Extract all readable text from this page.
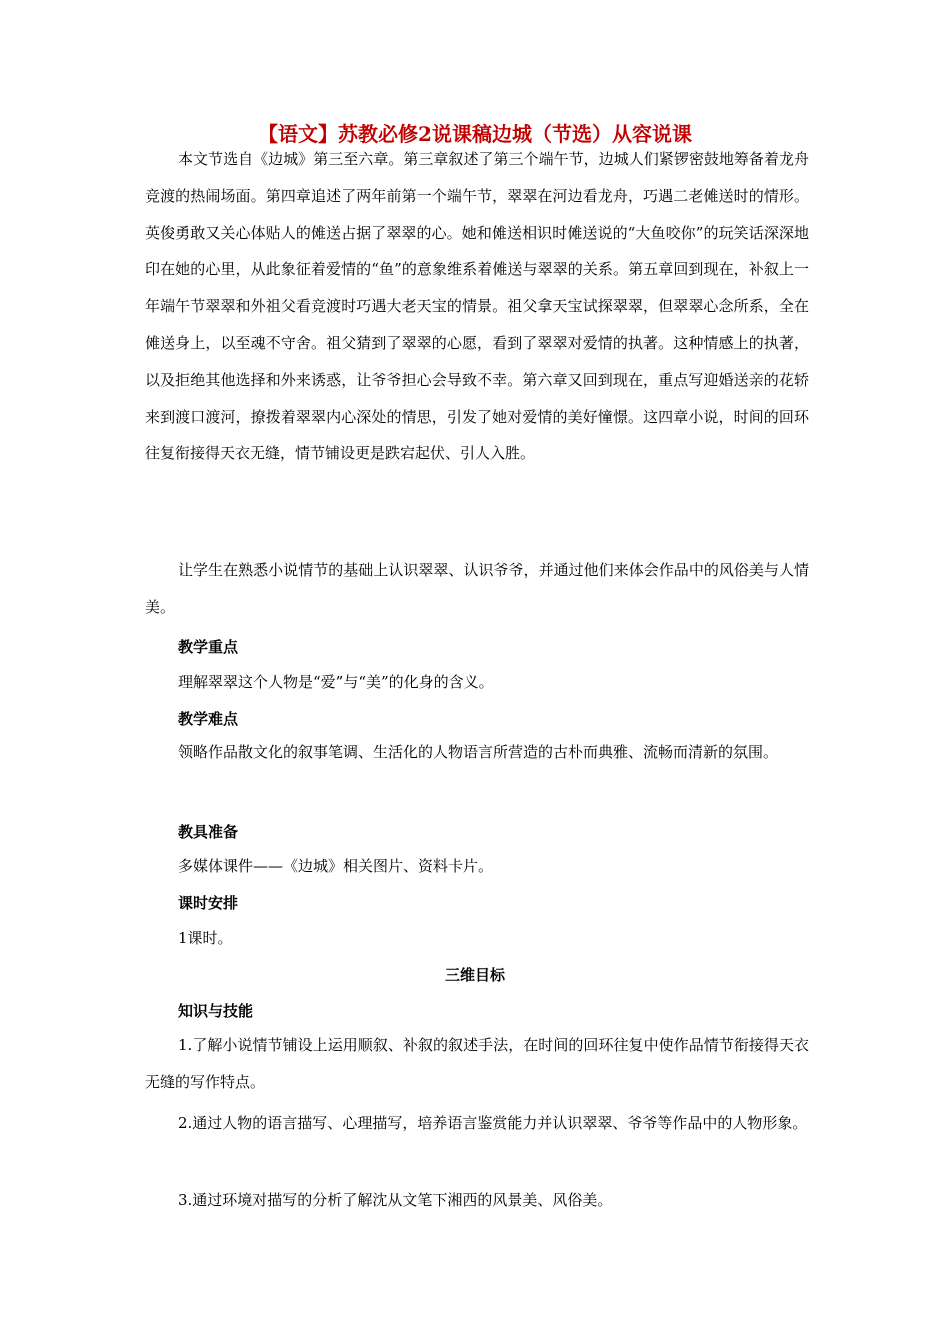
【语文】苏教必修2说课稿边城（节选）从容说课

本文节选自《边城》第三至六章。第三章叙述了第三个端午节，边城人们紧锣密鼓地筹备着龙舟竞渡的热闹场面。第四章追述了两年前第一个端午节，翠翠在河边看龙舟，巧遇二老傩送时的情形。英俊勇敢又关心体贴人的傩送占据了翠翠的心。她和傩送相识时傩送说的“大鱼咬你”的玩笑话深深地印在她的心里，从此象征着爱情的“鱼”的意象维系着傩送与翠翠的关系。第五章回到现在，补叙上一年端午节翠翠和外祖父看竞渡时巧遇大老天宝的情景。祖父拿天宝试探翠翠，但翠翠心念所系，全在傩送身上，以至魂不守舍。祖父猜到了翠翠的心愿，看到了翠翠对爱情的执著。这种情感上的执著，以及拒绝其他选择和外来诱惑，让爷爷担心会导致不幸。第六章又回到现在，重点写迎婚送亲的花轿来到渡口渡河，撩拨着翠翠内心深处的情思，引发了她对爱情的美好憧憬。这四章小说，时间的回环往复衔接得天衣无缝，情节铺设更是跌宕起伏、引人入胜。

让学生在熟悉小说情节的基础上认识翠翠、认识爷爷，并通过他们来体会作品中的风俗美与人情美。

教学重点

理解翠翠这个人物是“爱”与“美”的化身的含义。

教学难点

领略作品散文化的叙事笔调、生活化的人物语言所营造的古朴而典雅、流畅而清新的氛围。

教具准备

多媒体课件——《边城》相关图片、资料卡片。

课时安排

1课时。

三维目标
知识与技能

1.了解小说情节铺设上运用顺叙、补叙的叙述手法，在时间的回环往复中使作品情节衔接得天衣无缝的写作特点。

2.通过人物的语言描写、心理描写，培养语言鉴赏能力并认识翠翠、爷爷等作品中的人物形象。

3.通过环境对描写的分析了解沈从文笔下湘西的风景美、风俗美。
